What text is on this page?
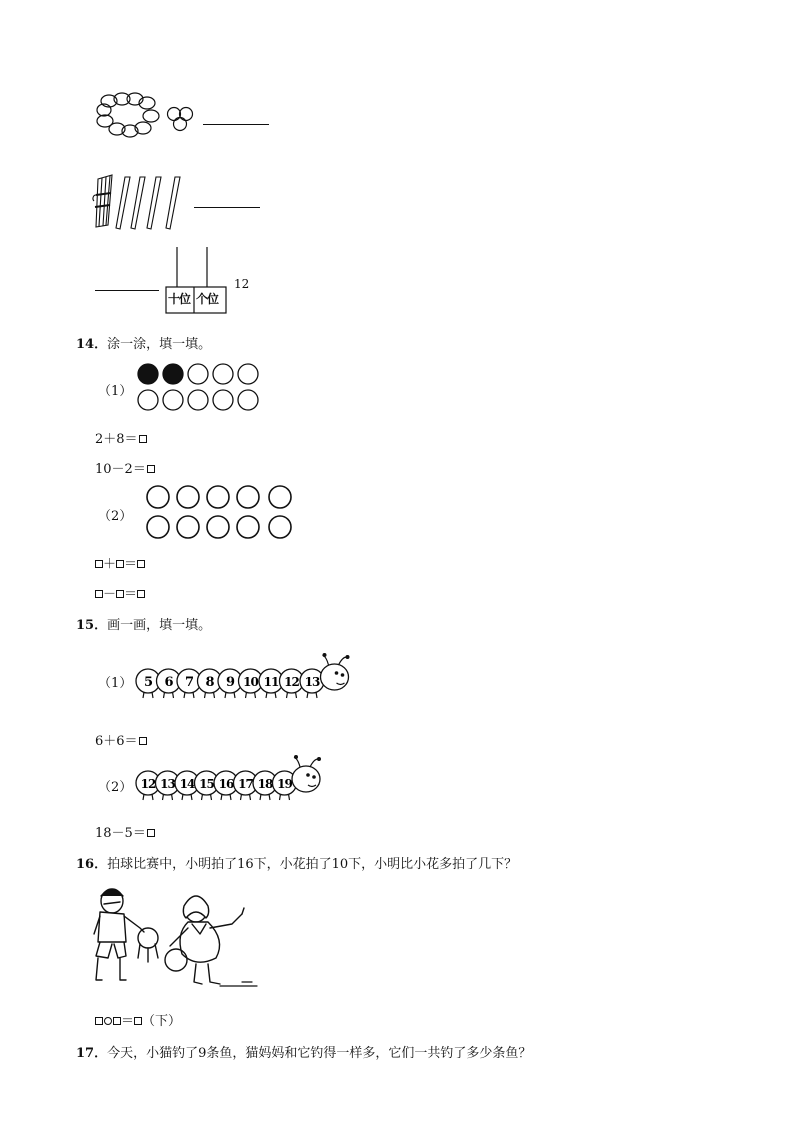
十位 个位
12
14．涂一涂，填一填。
（1）
2＋8＝
10－2＝
（2）
＋ ＝
－ ＝
15．画一画，填一填。
（1） 5 6 7 8 9 10 11 12 13
6＋6＝
（2） 12 13 14 15 16 17 18 19
18－5＝
16．拍球比赛中，小明拍了16下，小花拍了10下，小明比小花多拍了几下？
＝ （下）
17．今天，小猫钓了9条鱼，猫妈妈和它钓得一样多，它们一共钓了多少条鱼？
